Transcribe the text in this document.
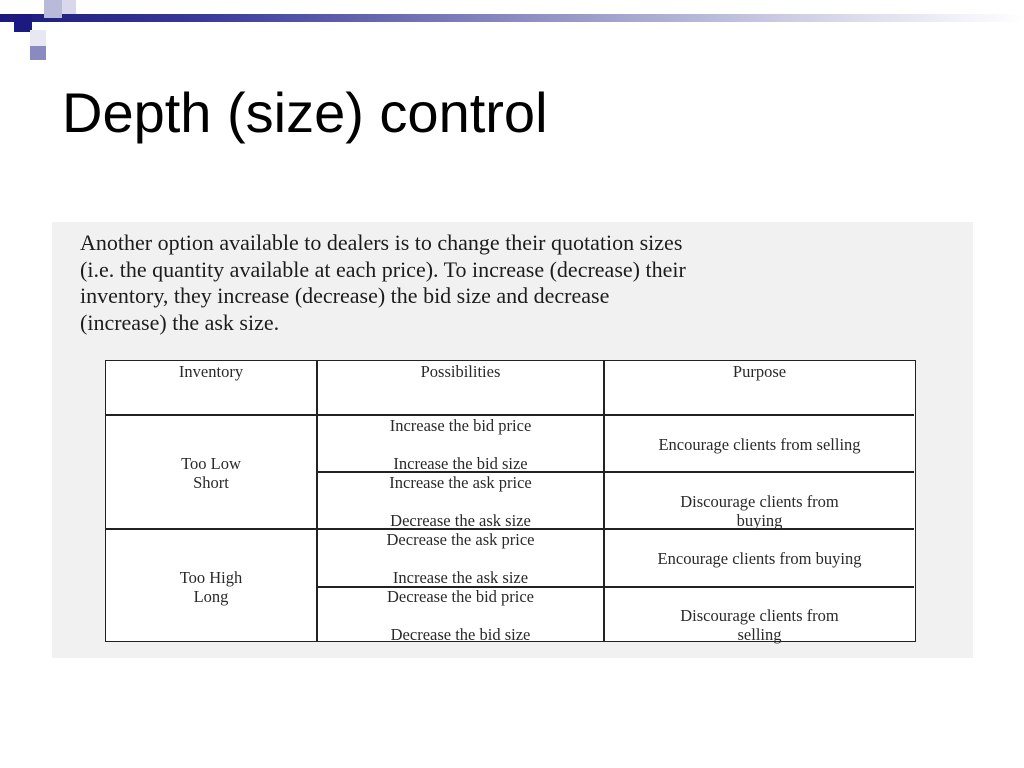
Depth (size) control
Another option available to dealers is to change their quotation sizes
(i.e. the quantity available at each price). To increase (decrease) their
inventory, they increase (decrease) the bid size and decrease
(increase) the ask size.
Inventory	Possibilities	Purpose
Too Low
Short
Increase the bid price
Increase the bid size
Encourage clients from selling
Increase the ask price
Decrease the ask size
Discourage clients from
buying
Too High
Long
Decrease the ask price
Increase the ask size
Encourage clients from buying
Decrease the bid price
Decrease the bid size
Discourage clients from
selling
